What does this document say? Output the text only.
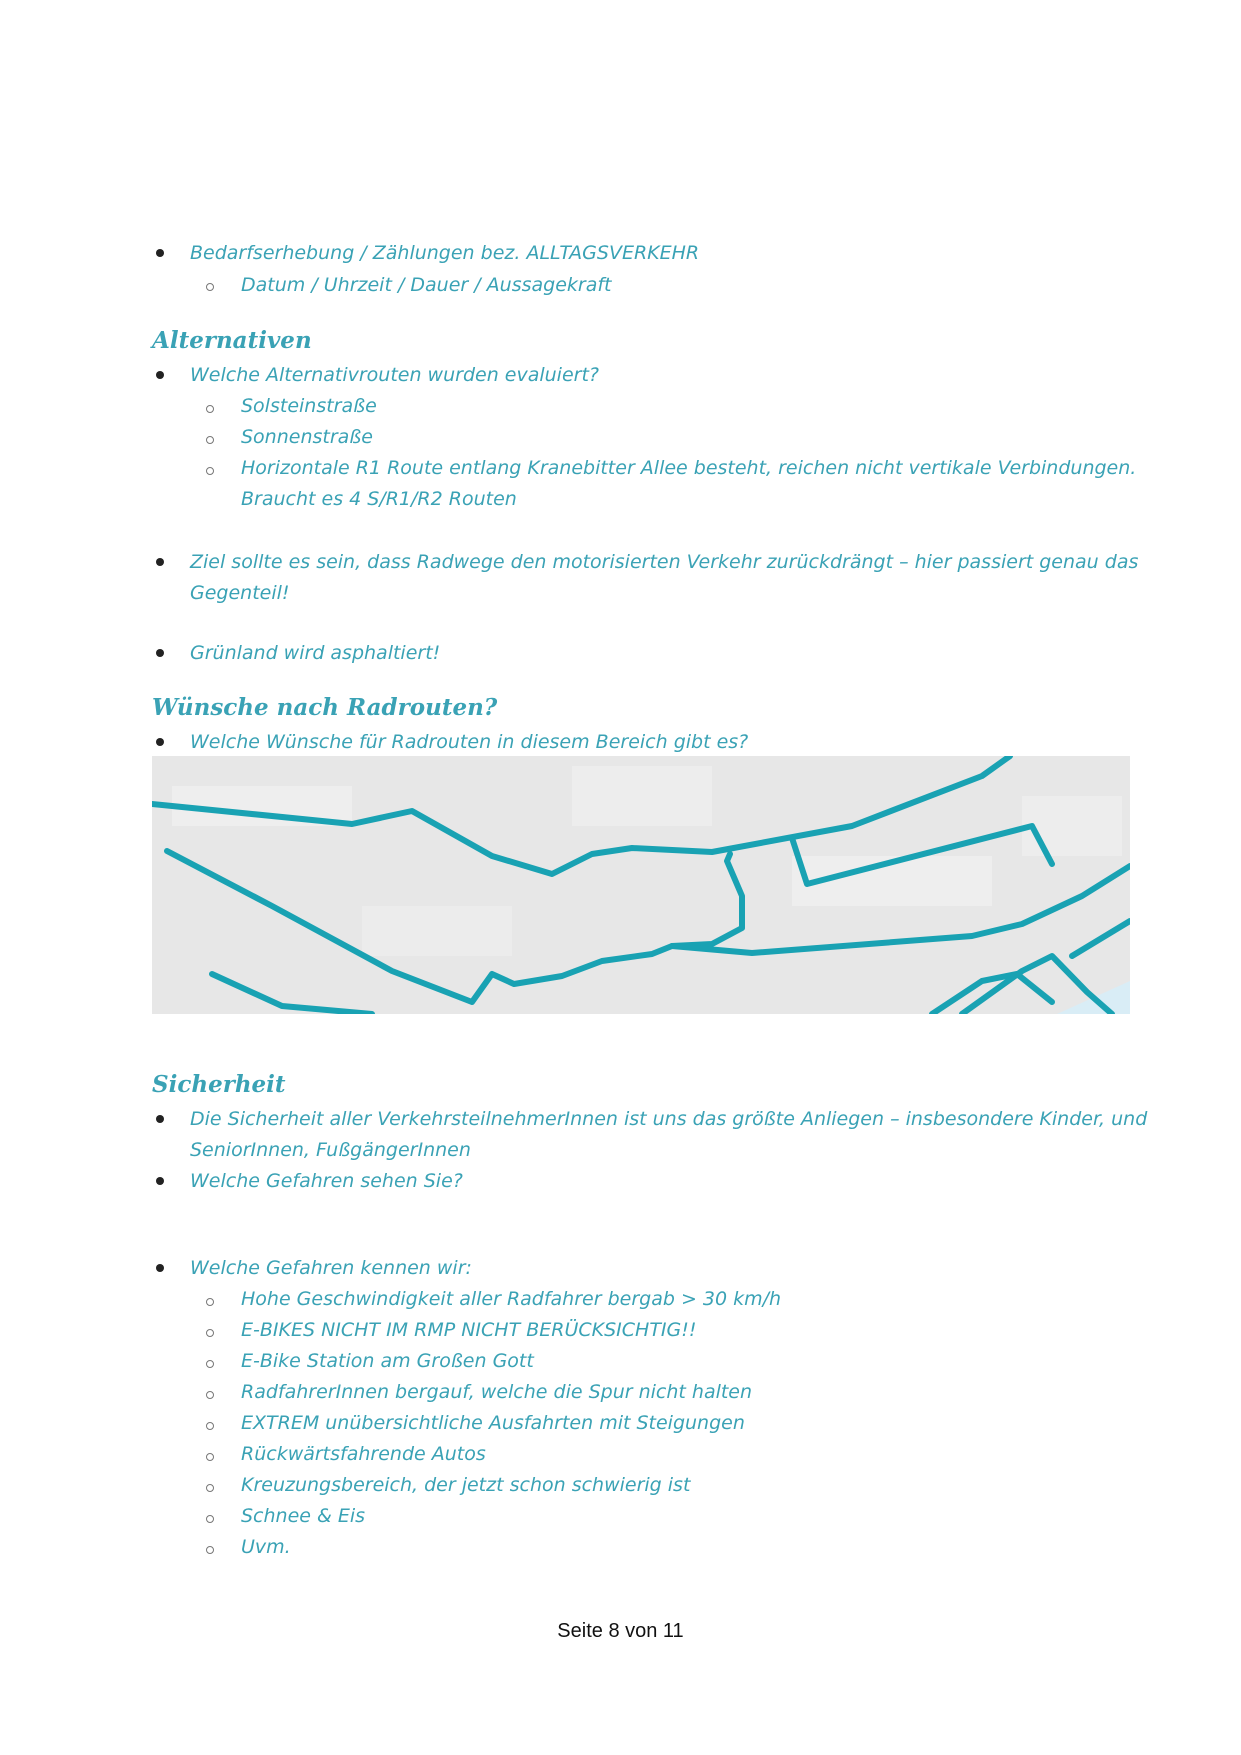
Bedarfserhebung / Zählungen bez. ALLTAGSVERKEHR
Datum / Uhrzeit / Dauer / Aussagekraft
Alternativen
Welche Alternativrouten wurden evaluiert?
Solsteinstraße
Sonnenstraße
Horizontale R1 Route entlang Kranebitter Allee besteht, reichen nicht vertikale Verbindungen.
Braucht es 4 S/R1/R2 Routen
Ziel sollte es sein, dass Radwege den motorisierten Verkehr zurückdrängt – hier passiert genau das
Gegenteil!
Grünland wird asphaltiert!
Wünsche nach Radrouten?
Welche Wünsche für Radrouten in diesem Bereich gibt es?
Sicherheit
Die Sicherheit aller VerkehrsteilnehmerInnen ist uns das größte Anliegen – insbesondere Kinder, und
SeniorInnen, FußgängerInnen
Welche Gefahren sehen Sie?
Welche Gefahren kennen wir:
Hohe Geschwindigkeit aller Radfahrer bergab > 30 km/h
E-BIKES NICHT IM RMP NICHT BERÜCKSICHTIG!!
E-Bike Station am Großen Gott
RadfahrerInnen bergauf, welche die Spur nicht halten
EXTREM unübersichtliche Ausfahrten mit Steigungen
Rückwärtsfahrende Autos
Kreuzungsbereich, der jetzt schon schwierig ist
Schnee & Eis
Uvm.
Seite 8 von 11
